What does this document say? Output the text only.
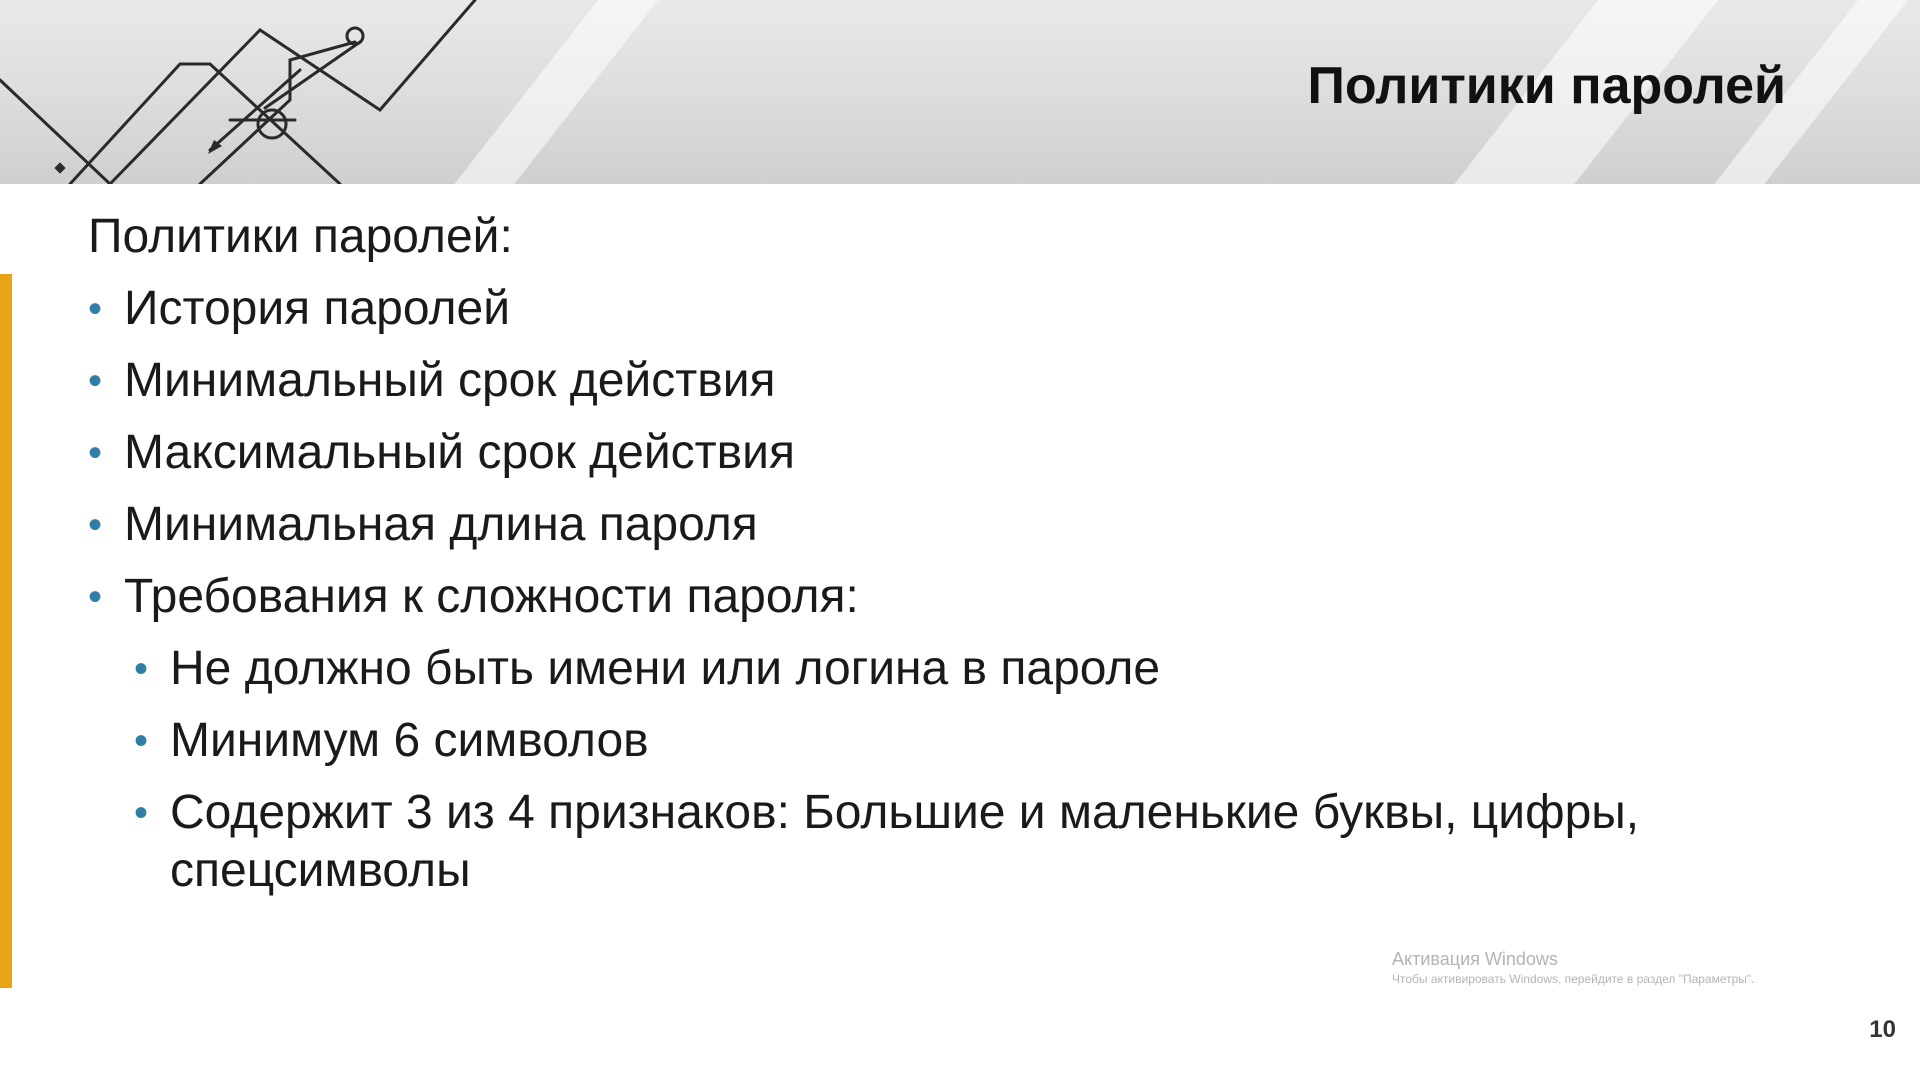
Политики паролей

Политики паролей:

• История паролей
• Минимальный срок действия
• Максимальный срок действия
• Минимальная длина пароля
• Требования к сложности пароля:
• Не должно быть имени или логина в пароле
• Минимум 6 символов
• Содержит 3 из 4 признаков: Большие и маленькие буквы, цифры, спецсимволы
Активация Windows
Чтобы активировать Windows, перейдите в раздел "Параметры".
10
